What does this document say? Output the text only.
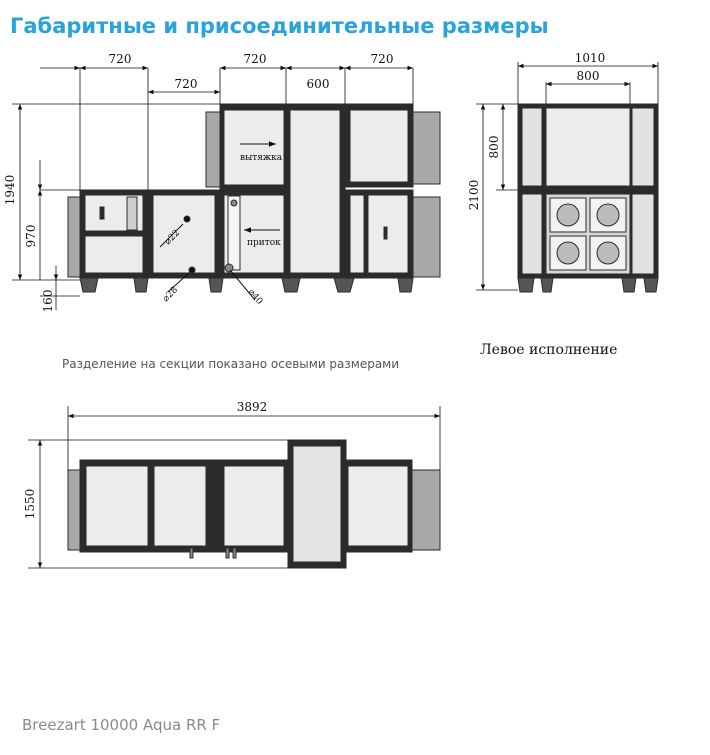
Габаритные и присоединительные размеры
720
720
720
600
720
1940
970
160
вытяжка
приток
⌀22
⌀28	⌀40
1010
800
2100
800
3892
1550
Разделение на секции показано осевыми размерами
Левое исполнение
Breezart 10000 Aqua RR F
